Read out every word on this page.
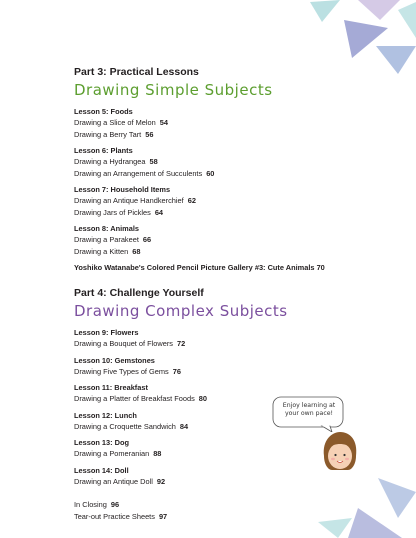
Part 3: Practical Lessons
Drawing Simple Subjects
Lesson 5: Foods
Drawing a Slice of Melon 54
Drawing a Berry Tart 56
Lesson 6: Plants
Drawing a Hydrangea 58
Drawing an Arrangement of Succulents 60
Lesson 7: Household Items
Drawing an Antique Handkerchief 62
Drawing Jars of Pickles 64
Lesson 8: Animals
Drawing a Parakeet 66
Drawing a Kitten 68
Yoshiko Watanabe's Colored Pencil Picture Gallery #3: Cute Animals 70
Part 4: Challenge Yourself
Drawing Complex Subjects
Lesson 9: Flowers
Drawing a Bouquet of Flowers 72
Lesson 10: Gemstones
Drawing Five Types of Gems 76
Lesson 11: Breakfast
Drawing a Platter of Breakfast Foods 80
Lesson 12: Lunch
Drawing a Croquette Sandwich 84
Lesson 13: Dog
Drawing a Pomeranian 88
Lesson 14: Doll
Drawing an Antique Doll 92
In Closing 96
Tear-out Practice Sheets 97
Enjoy learning at
your own pace!
